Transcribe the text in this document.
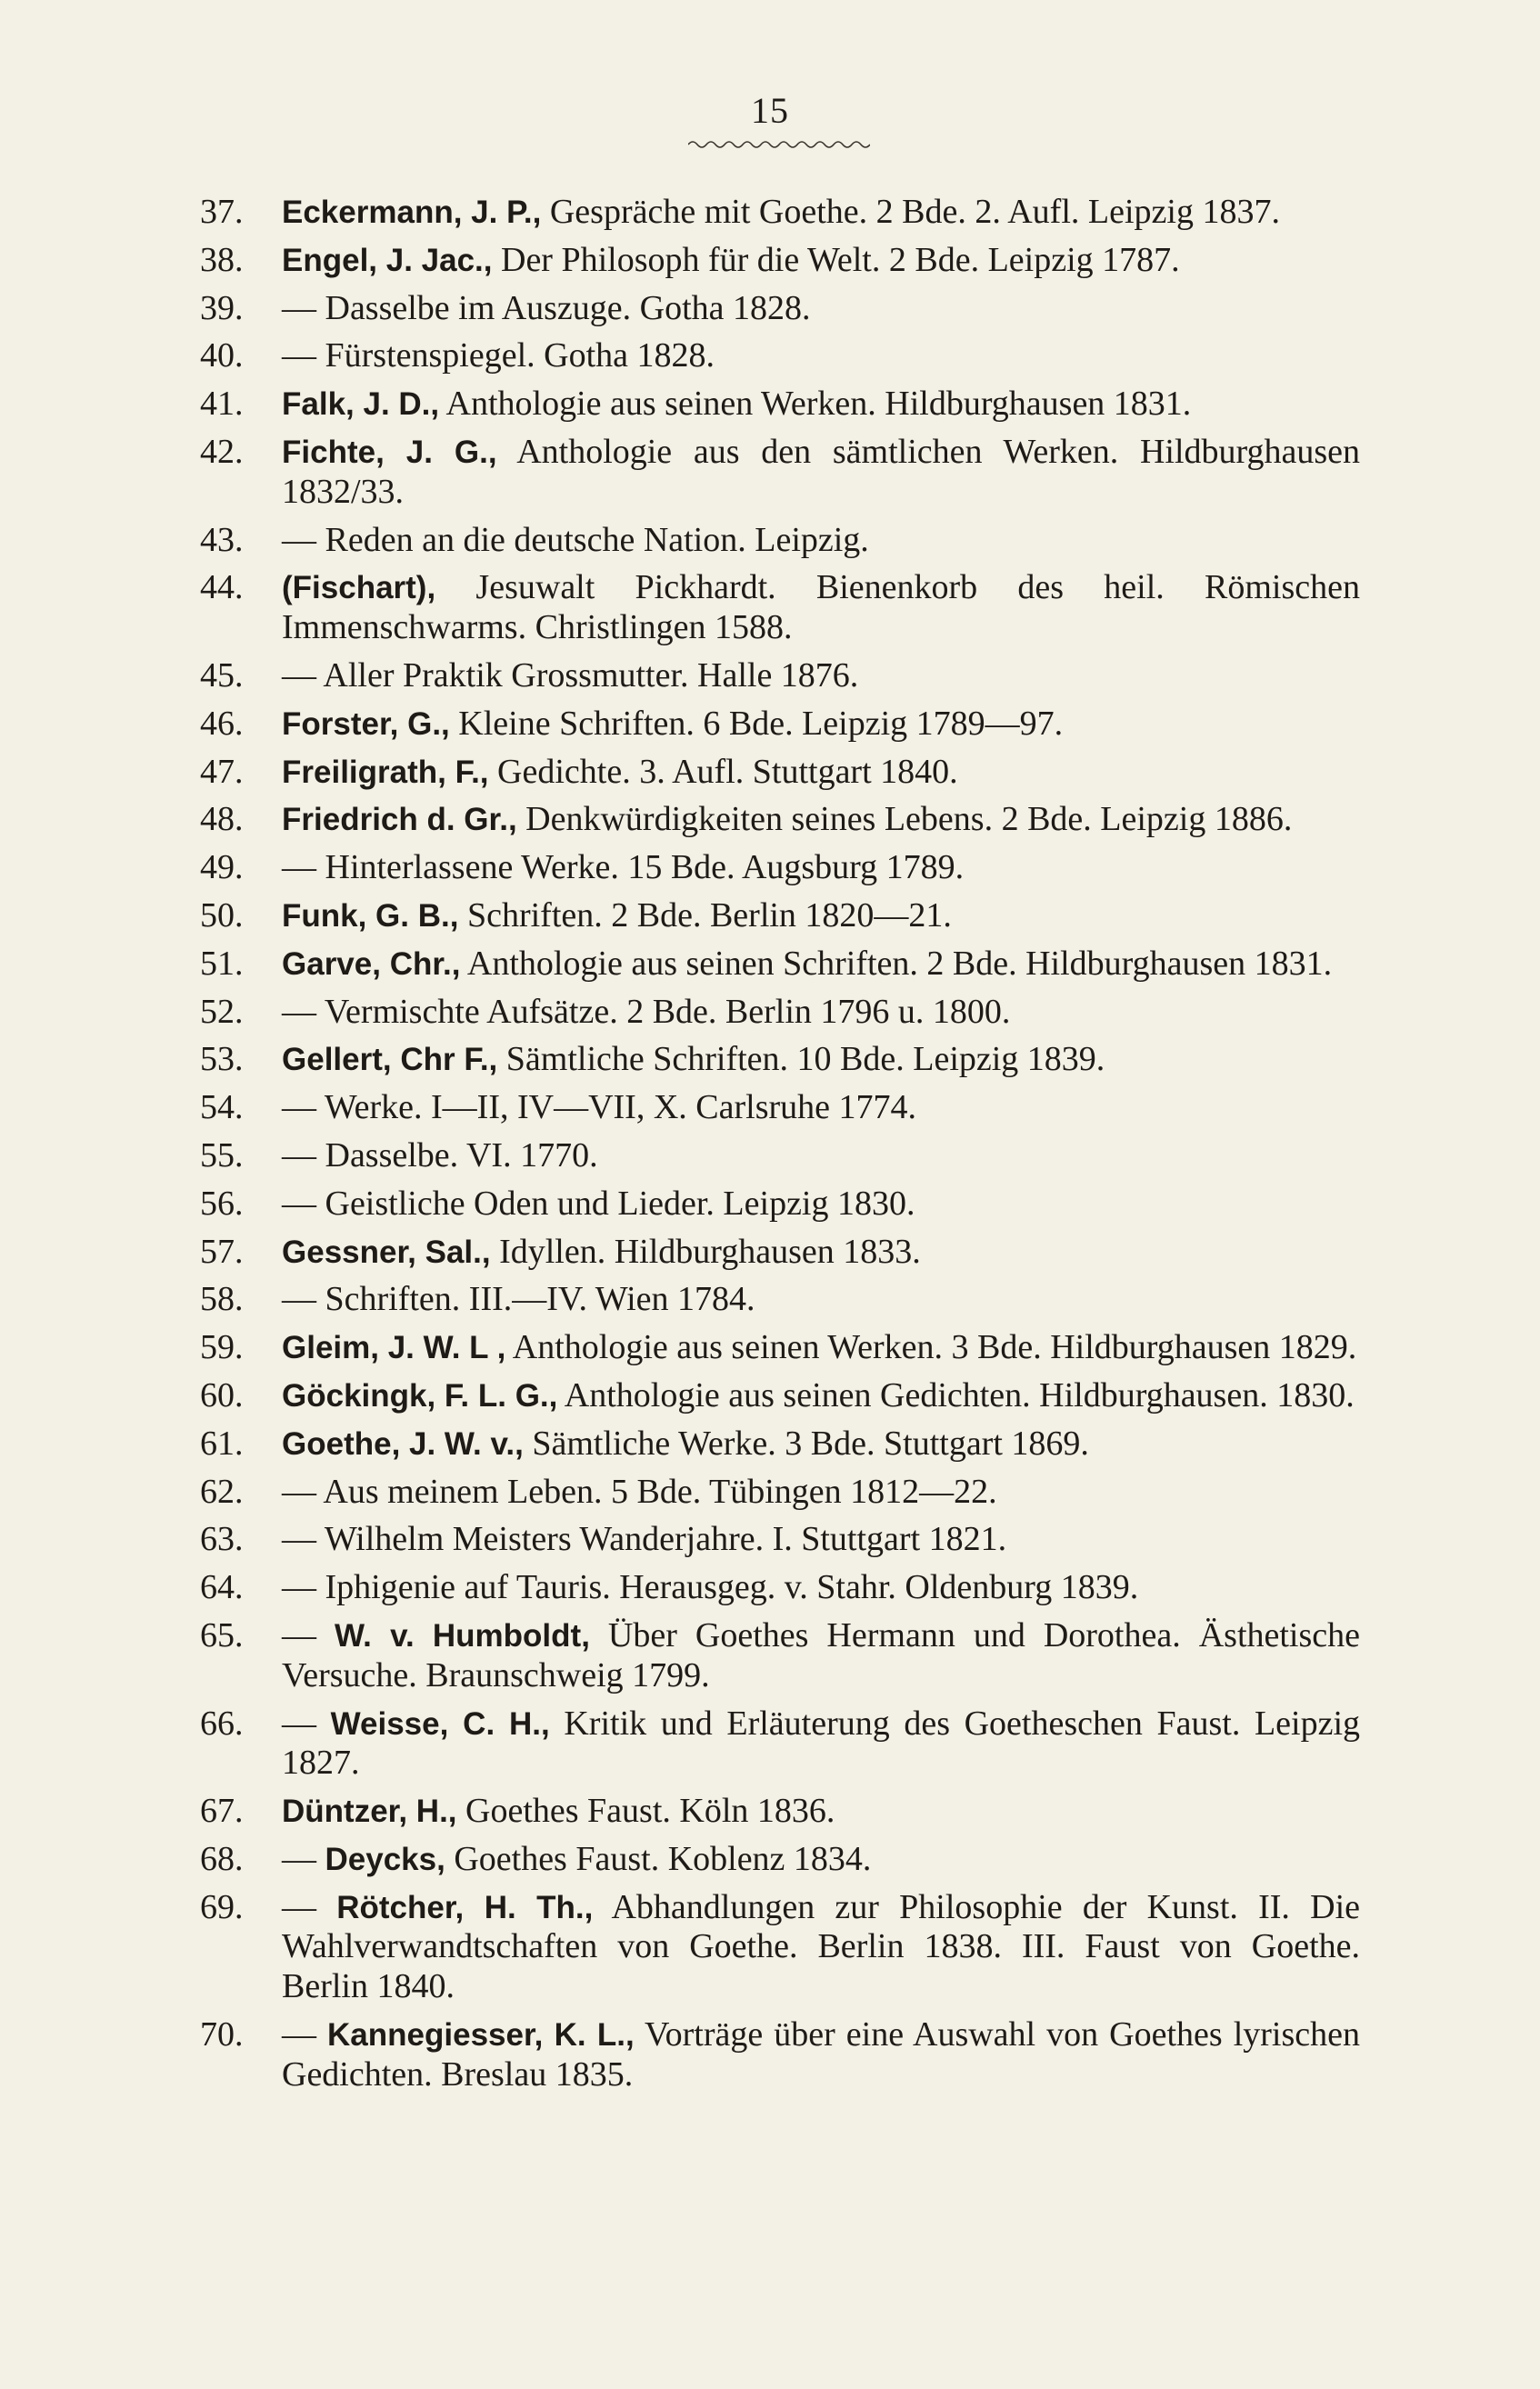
15
37.	Eckermann, J. P., Gespräche mit Goethe. 2 Bde. 2. Aufl. Leipzig 1837.
38.	Engel, J. Jac., Der Philosoph für die Welt. 2 Bde. Leipzig 1787.
39.	— Dasselbe im Auszuge. Gotha 1828.
40.	— Fürstenspiegel. Gotha 1828.
41.	Falk, J. D., Anthologie aus seinen Werken. Hildburghausen 1831.
42.	Fichte, J. G., Anthologie aus den sämtlichen Werken. Hildburghausen 1832/33.
43.	— Reden an die deutsche Nation. Leipzig.
44.	(Fischart), Jesuwalt Pickhardt. Bienenkorb des heil. Römischen Immenschwarms. Christlingen 1588.
45.	— Aller Praktik Grossmutter. Halle 1876.
46.	Forster, G., Kleine Schriften. 6 Bde. Leipzig 1789—97.
47.	Freiligrath, F., Gedichte. 3. Aufl. Stuttgart 1840.
48.	Friedrich d. Gr., Denkwürdigkeiten seines Lebens. 2 Bde. Leipzig 1886.
49.	— Hinterlassene Werke. 15 Bde. Augsburg 1789.
50.	Funk, G. B., Schriften. 2 Bde. Berlin 1820—21.
51.	Garve, Chr., Anthologie aus seinen Schriften. 2 Bde. Hildburghausen 1831.
52.	— Vermischte Aufsätze. 2 Bde. Berlin 1796 u. 1800.
53.	Gellert, Chr F., Sämtliche Schriften. 10 Bde. Leipzig 1839.
54.	— Werke. I—II, IV—VII, X. Carlsruhe 1774.
55.	— Dasselbe. VI. 1770.
56.	— Geistliche Oden und Lieder. Leipzig 1830.
57.	Gessner, Sal., Idyllen. Hildburghausen 1833.
58.	— Schriften. III.—IV. Wien 1784.
59.	Gleim, J. W. L , Anthologie aus seinen Werken. 3 Bde. Hildburghausen 1829.
60.	Göckingk, F. L. G., Anthologie aus seinen Gedichten. Hildburghausen. 1830.
61.	Goethe, J. W. v., Sämtliche Werke. 3 Bde. Stuttgart 1869.
62.	— Aus meinem Leben. 5 Bde. Tübingen 1812—22.
63.	— Wilhelm Meisters Wanderjahre. I. Stuttgart 1821.
64.	— Iphigenie auf Tauris. Herausgeg. v. Stahr. Oldenburg 1839.
65.	— W. v. Humboldt, Über Goethes Hermann und Dorothea. Ästhetische Versuche. Braunschweig 1799.
66.	— Weisse, C. H., Kritik und Erläuterung des Goetheschen Faust. Leipzig 1827.
67.	Düntzer, H., Goethes Faust. Köln 1836.
68.	— Deycks, Goethes Faust. Koblenz 1834.
69.	— Rötcher, H. Th., Abhandlungen zur Philosophie der Kunst. II. Die Wahlverwandtschaften von Goethe. Berlin 1838. III. Faust von Goethe. Berlin 1840.
70.	— Kannegiesser, K. L., Vorträge über eine Auswahl von Goethes lyrischen Gedichten. Breslau 1835.
